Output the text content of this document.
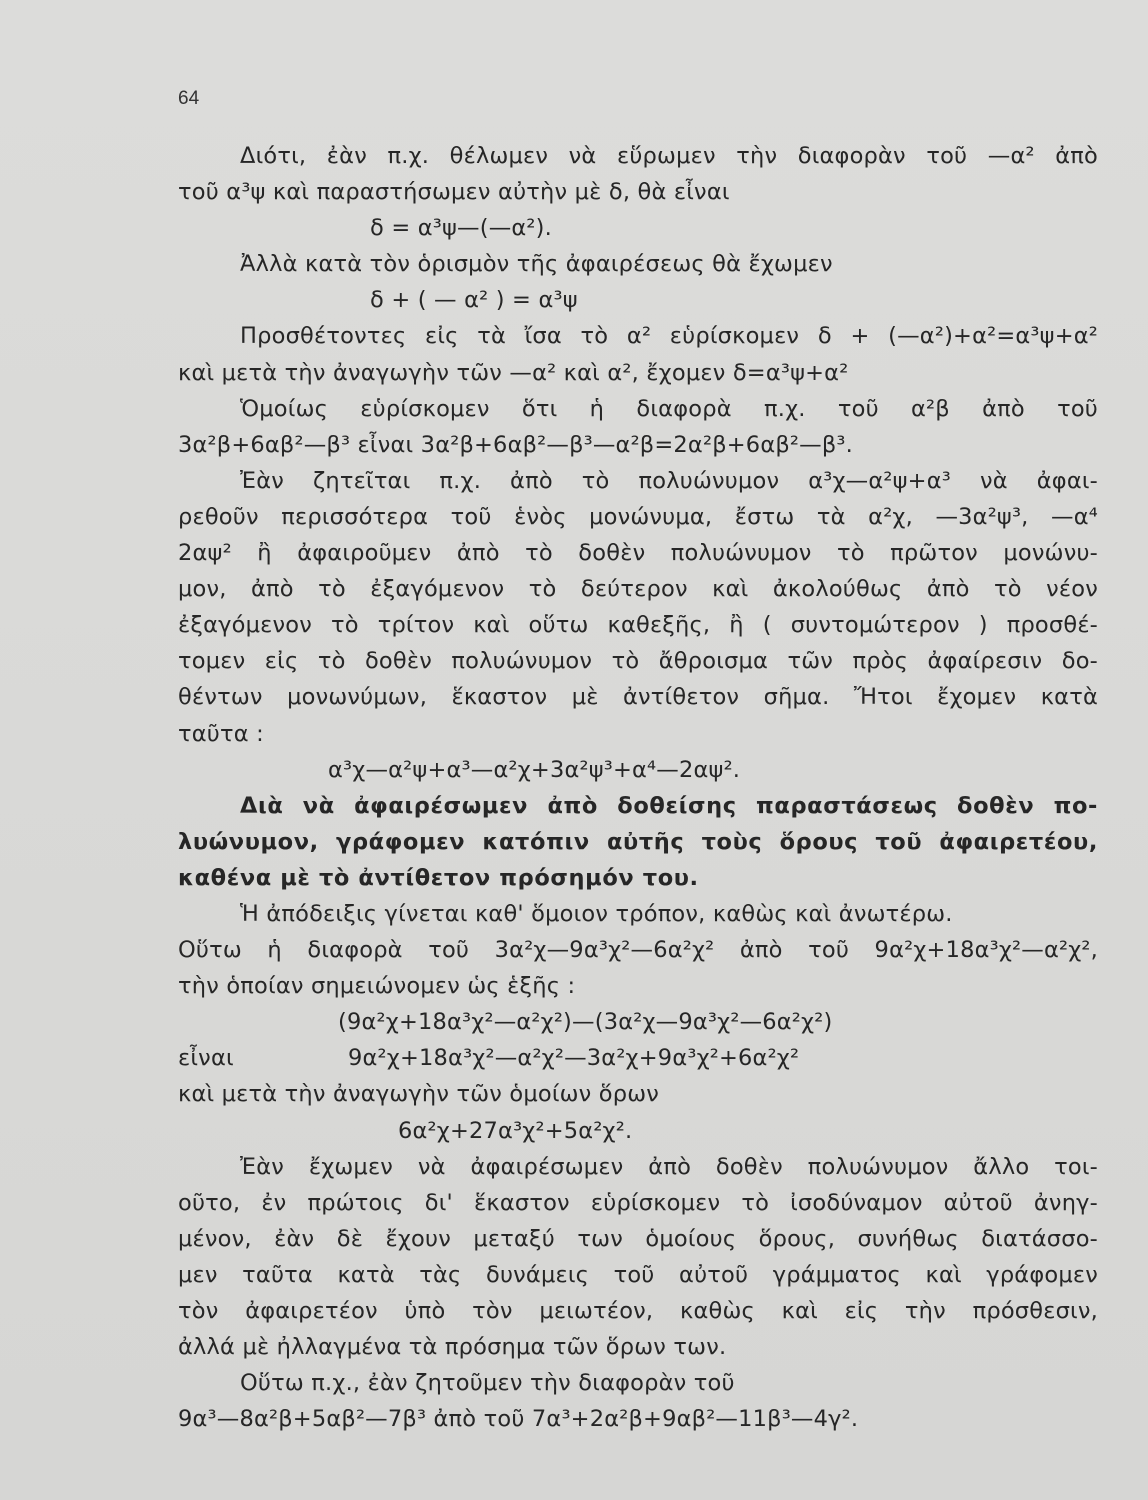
64
Διότι, ἐὰν π.χ. θέλωμεν νὰ εὕρωμεν τὴν διαφορὰν τοῦ —α² ἀπὸ
τοῦ α³ψ καὶ παραστήσωμεν αὐτὴν μὲ δ, θὰ εἶναι
δ = α³ψ—(—α²).
Ἀλλὰ κατὰ τὸν ὁρισμὸν τῆς ἀφαιρέσεως θὰ ἔχωμεν
δ + ( — α² ) = α³ψ
Προσθέτοντες εἰς τὰ ἴσα τὸ α² εὑρίσκομεν δ + (—α²)+α²=α³ψ+α²
καὶ μετὰ τὴν ἀναγωγὴν τῶν —α² καὶ α², ἔχομεν δ=α³ψ+α²
Ὁμοίως εὑρίσκομεν ὅτι ἡ διαφορὰ π.χ. τοῦ α²β ἀπὸ τοῦ
3α²β+6αβ²—β³ εἶναι 3α²β+6αβ²—β³—α²β=2α²β+6αβ²—β³.
Ἐὰν ζητεῖται π.χ. ἀπὸ τὸ πολυώνυμον α³χ—α²ψ+α³ νὰ ἀφαι-
ρεθοῦν περισσότερα τοῦ ἑνὸς μονώνυμα, ἔστω τὰ α²χ, —3α²ψ³, —α⁴
2αψ² ἢ ἀφαιροῦμεν ἀπὸ τὸ δοθὲν πολυώνυμον τὸ πρῶτον μονώνυ-
μον, ἀπὸ τὸ ἐξαγόμενον τὸ δεύτερον καὶ ἀκολούθως ἀπὸ τὸ νέον
ἐξαγόμενον τὸ τρίτον καὶ οὕτω καθεξῆς, ἢ ( συντομώτερον ) προσθέ-
τομεν εἰς τὸ δοθὲν πολυώνυμον τὸ ἄθροισμα τῶν πρὸς ἀφαίρεσιν δο-
θέντων μονωνύμων, ἕκαστον μὲ ἀντίθετον σῆμα. Ἤτοι ἔχομεν κατὰ
ταῦτα :
α³χ—α²ψ+α³—α²χ+3α²ψ³+α⁴—2αψ².
Διὰ νὰ ἀφαιρέσωμεν ἀπὸ δοθείσης παραστάσεως δοθὲν πο-
λυώνυμον, γράφομεν κατόπιν αὐτῆς τοὺς ὅρους τοῦ ἀφαιρετέου,
καθένα μὲ τὸ ἀντίθετον πρόσημόν του.
Ἡ ἀπόδειξις γίνεται καθ' ὅμοιον τρόπον, καθὼς καὶ ἀνωτέρω.
Οὕτω ἡ διαφορὰ τοῦ 3α²χ—9α³χ²—6α²χ² ἀπὸ τοῦ 9α²χ+18α³χ²—α²χ²,
τὴν ὁποίαν σημειώνομεν ὡς ἑξῆς :
(9α²χ+18α³χ²—α²χ²)—(3α²χ—9α³χ²—6α²χ²)
εἶναι	9α²χ+18α³χ²—α²χ²—3α²χ+9α³χ²+6α²χ²
καὶ μετὰ τὴν ἀναγωγὴν τῶν ὁμοίων ὅρων
6α²χ+27α³χ²+5α²χ².
Ἐὰν ἔχωμεν νὰ ἀφαιρέσωμεν ἀπὸ δοθὲν πολυώνυμον ἄλλο τοι-
οῦτο, ἐν πρώτοις δι' ἕκαστον εὑρίσκομεν τὸ ἰσοδύναμον αὐτοῦ ἀνηγ-
μένον, ἐὰν δὲ ἔχουν μεταξύ των ὁμοίους ὅρους, συνήθως διατάσσο-
μεν ταῦτα κατὰ τὰς δυνάμεις τοῦ αὐτοῦ γράμματος καὶ γράφομεν
τὸν ἀφαιρετέον ὑπὸ τὸν μειωτέον, καθὼς καὶ εἰς τὴν πρόσθεσιν,
ἀλλά μὲ ἠλλαγμένα τὰ πρόσημα τῶν ὅρων των.
Οὕτω π.χ., ἐὰν ζητοῦμεν τὴν διαφορὰν τοῦ
9α³—8α²β+5αβ²—7β³ ἀπὸ τοῦ 7α³+2α²β+9αβ²—11β³—4γ².
